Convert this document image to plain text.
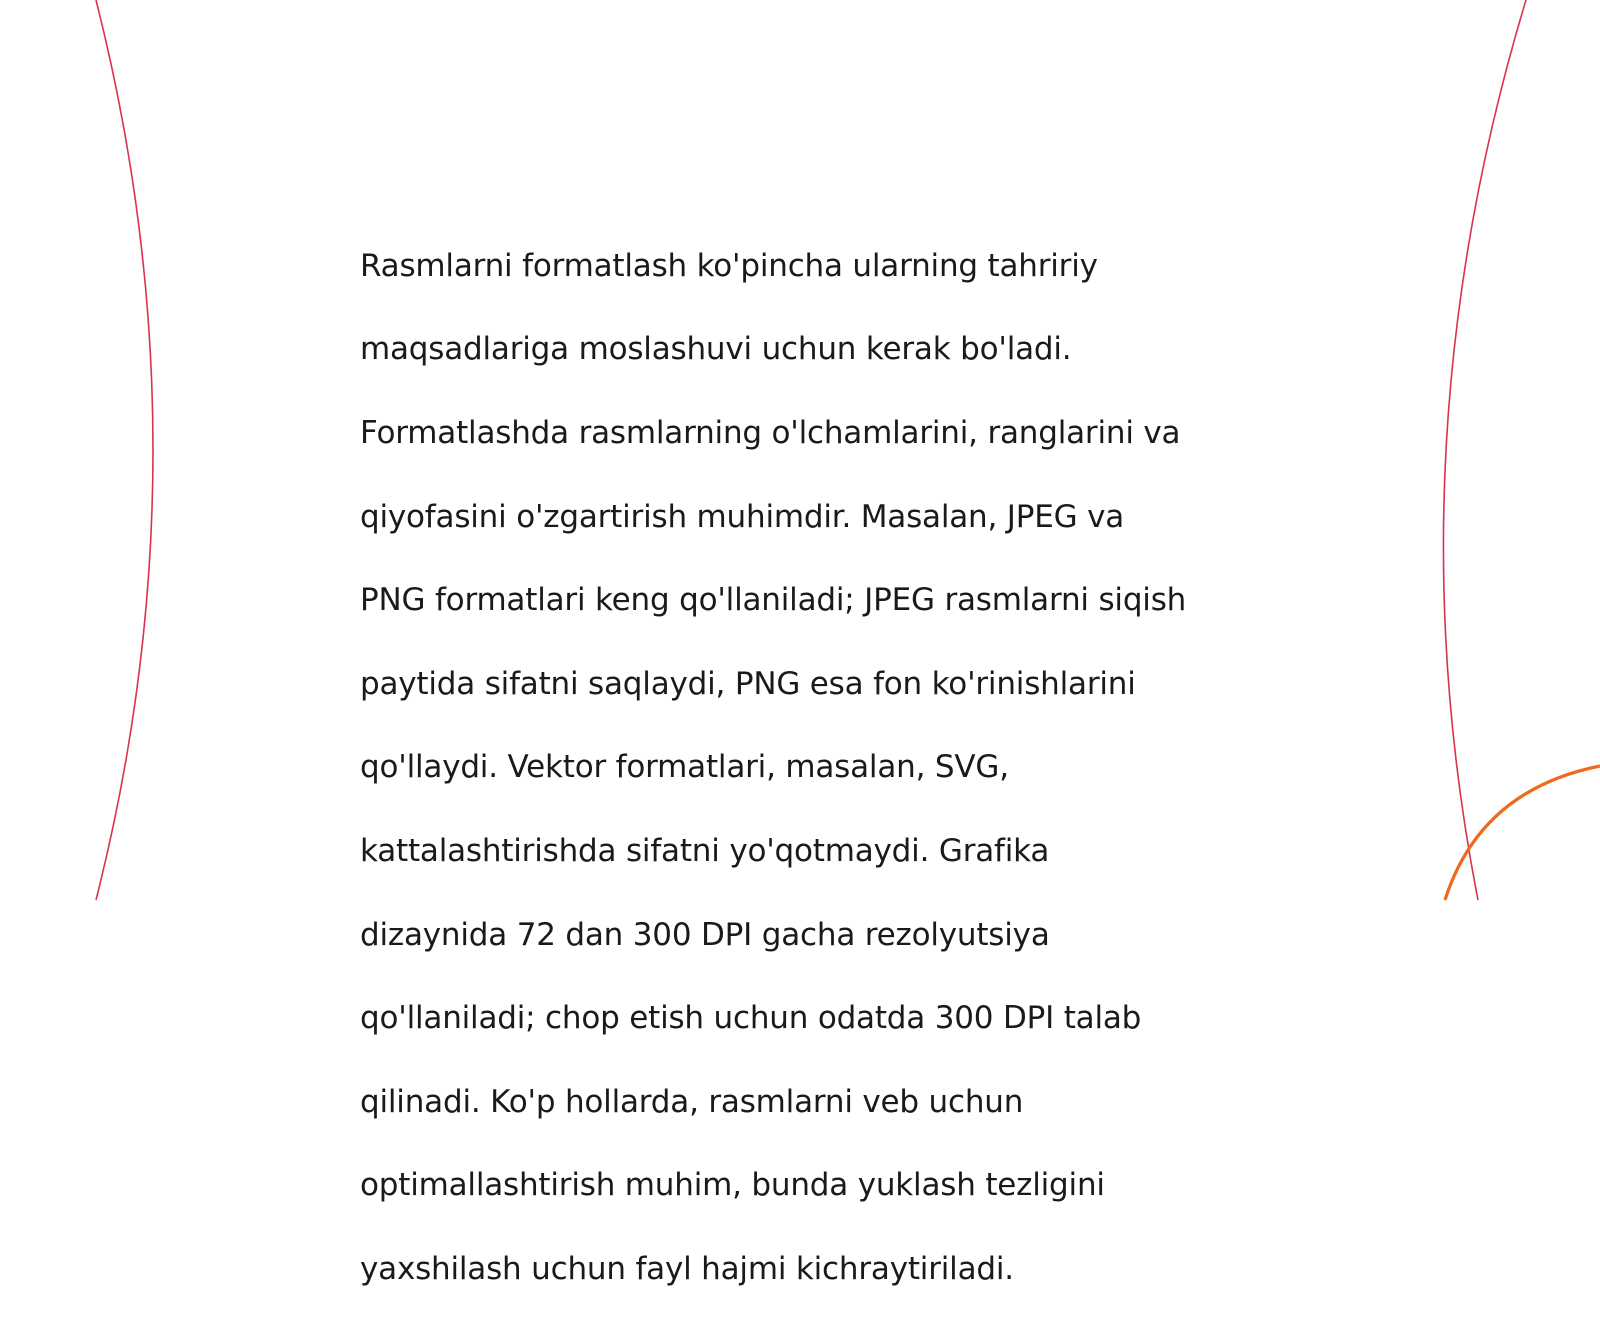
Rasmlarni formatlash ko'pincha ularning tahririy

maqsadlariga moslashuvi uchun kerak bo'ladi.

Formatlashda rasmlarning o'lchamlarini, ranglarini va

qiyofasini o'zgartirish muhimdir. Masalan, JPEG va

PNG formatlari keng qo'llaniladi; JPEG rasmlarni siqish

paytida sifatni saqlaydi, PNG esa fon ko'rinishlarini

qo'llaydi. Vektor formatlari, masalan, SVG,

kattalashtirishda sifatni yo'qotmaydi. Grafika

dizaynida 72 dan 300 DPI gacha rezolyutsiya

qo'llaniladi; chop etish uchun odatda 300 DPI talab

qilinadi. Ko'p hollarda, rasmlarni veb uchun

optimallashtirish muhim, bunda yuklash tezligini

yaxshilash uchun fayl hajmi kichraytiriladi.
